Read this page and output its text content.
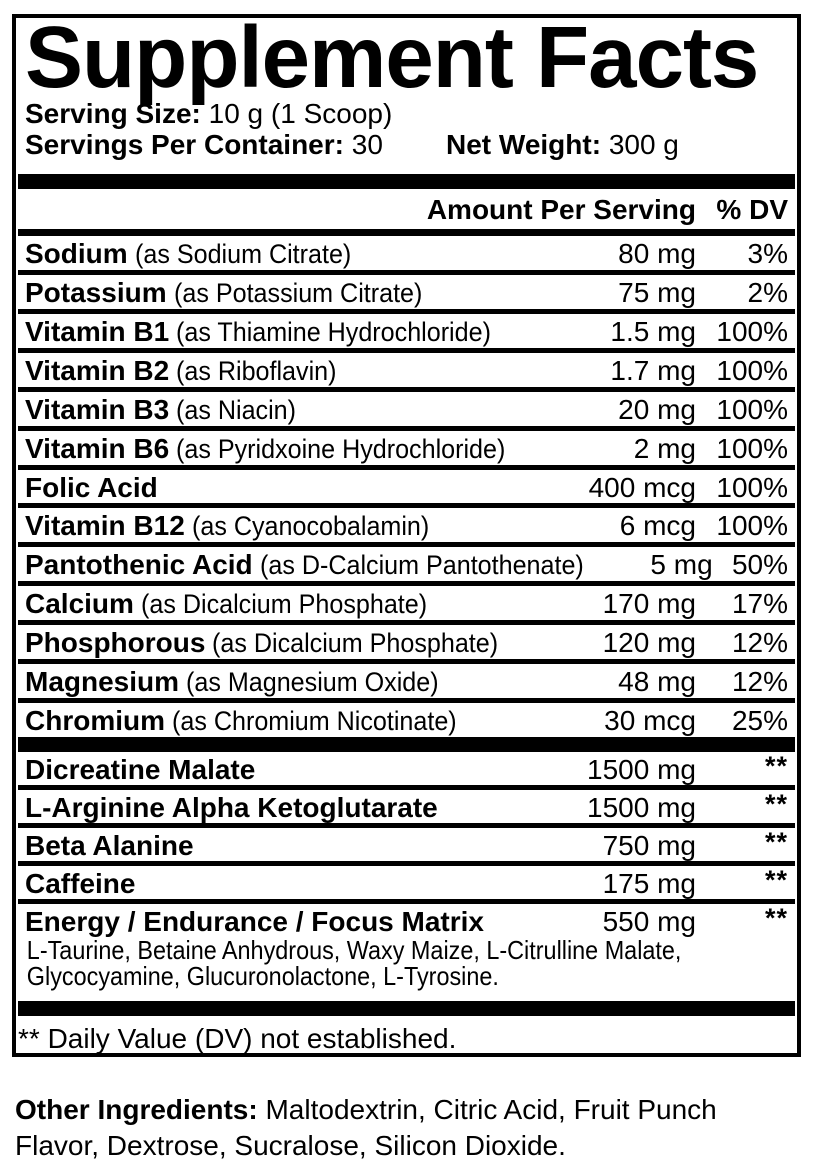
Supplement Facts
Serving Size: 10 g (1 Scoop)
Servings Per Container: 30 Net Weight: 300 g
Amount Per Serving % DV
Sodium (as Sodium Citrate)	80 mg	3%
Potassium (as Potassium Citrate)	75 mg	2%
Vitamin B1 (as Thiamine Hydrochloride)	1.5 mg 100%
Vitamin B2 (as Riboflavin)	1.7 mg 100%
Vitamin B3 (as Niacin)	20 mg 100%
Vitamin B6 (as Pyridxoine Hydrochloride)	2 mg 100%
Folic Acid	400 mcg 100%
Vitamin B12 (as Cyanocobalamin)	6 mcg 100%
Pantothenic Acid (as D-Calcium Pantothenate)	5 mg 50%
Calcium (as Dicalcium Phosphate)	170 mg	17%
Phosphorous (as Dicalcium Phosphate)	120 mg	12%
Magnesium (as Magnesium Oxide)	48 mg	12%
Chromium (as Chromium Nicotinate)	30 mcg	25%
Dicreatine Malate	1500 mg	**
L-Arginine Alpha Ketoglutarate	1500 mg	**
Beta Alanine	750 mg	**
Caffeine	175 mg	**
Energy / Endurance / Focus Matrix	550 mg	**
L-Taurine, Betaine Anhydrous, Waxy Maize, L-Citrulline Malate, Glycocyamine, Glucuronolactone, L-Tyrosine.
** Daily Value (DV) not established.

Other Ingredients: Maltodextrin, Citric Acid, Fruit Punch Flavor, Dextrose, Sucralose, Silicon Dioxide.
